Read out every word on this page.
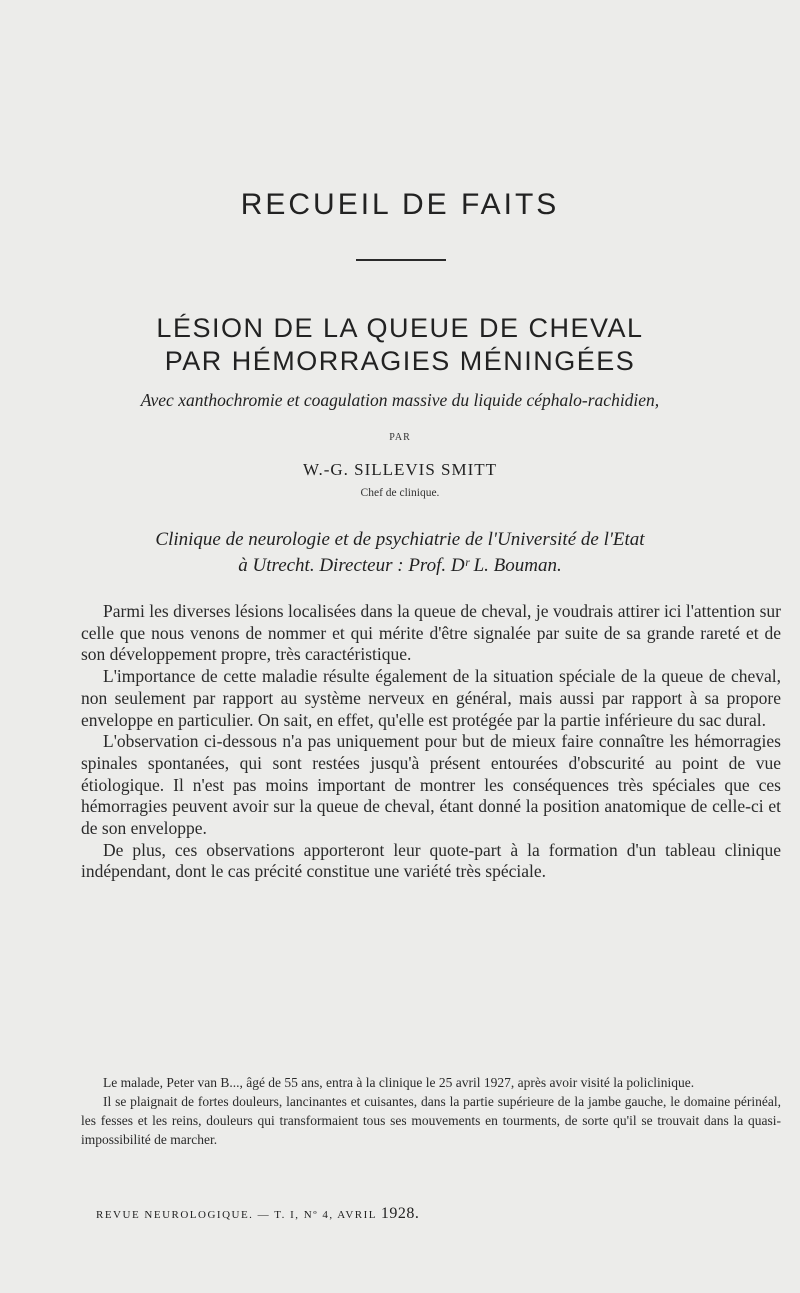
RECUEIL DE FAITS
LÉSION DE LA QUEUE DE CHEVAL
PAR HÉMORRAGIES MÉNINGÉES
Avec xanthochromie et coagulation massive du liquide céphalo-rachidien,
PAR
W.-G. SILLEVIS SMITT
Chef de clinique.
Clinique de neurologie et de psychiatrie de l'Université de l'Etat
à Utrecht. Directeur : Prof. Dʳ L. Bouman.

Parmi les diverses lésions localisées dans la queue de cheval, je voudrais attirer ici l'attention sur celle que nous venons de nommer et qui mérite d'être signalée par suite de sa grande rareté et de son développement propre, très caractéristique.

L'importance de cette maladie résulte également de la situation spéciale de la queue de cheval, non seulement par rapport au système nerveux en général, mais aussi par rapport à sa propore enveloppe en particulier. On sait, en effet, qu'elle est protégée par la partie inférieure du sac dural.

L'observation ci-dessous n'a pas uniquement pour but de mieux faire connaître les hémorragies spinales spontanées, qui sont restées jusqu'à présent entourées d'obscurité au point de vue étiologique. Il n'est pas moins important de montrer les conséquences très spéciales que ces hémorragies peuvent avoir sur la queue de cheval, étant donné la position anatomique de celle-ci et de son enveloppe.

De plus, ces observations apporteront leur quote-part à la formation d'un tableau clinique indépendant, dont le cas précité constitue une variété très spéciale.

Le malade, Peter van B..., âgé de 55 ans, entra à la clinique le 25 avril 1927, après avoir visité la policlinique.

Il se plaignait de fortes douleurs, lancinantes et cuisantes, dans la partie supérieure de la jambe gauche, le domaine périnéal, les fesses et les reins, douleurs qui transformaient tous ses mouvements en tourments, de sorte qu'il se trouvait dans la quasi-impossibilité de marcher.

REVUE NEUROLOGIQUE. — T. I, Nº 4, AVRIL 1928.
